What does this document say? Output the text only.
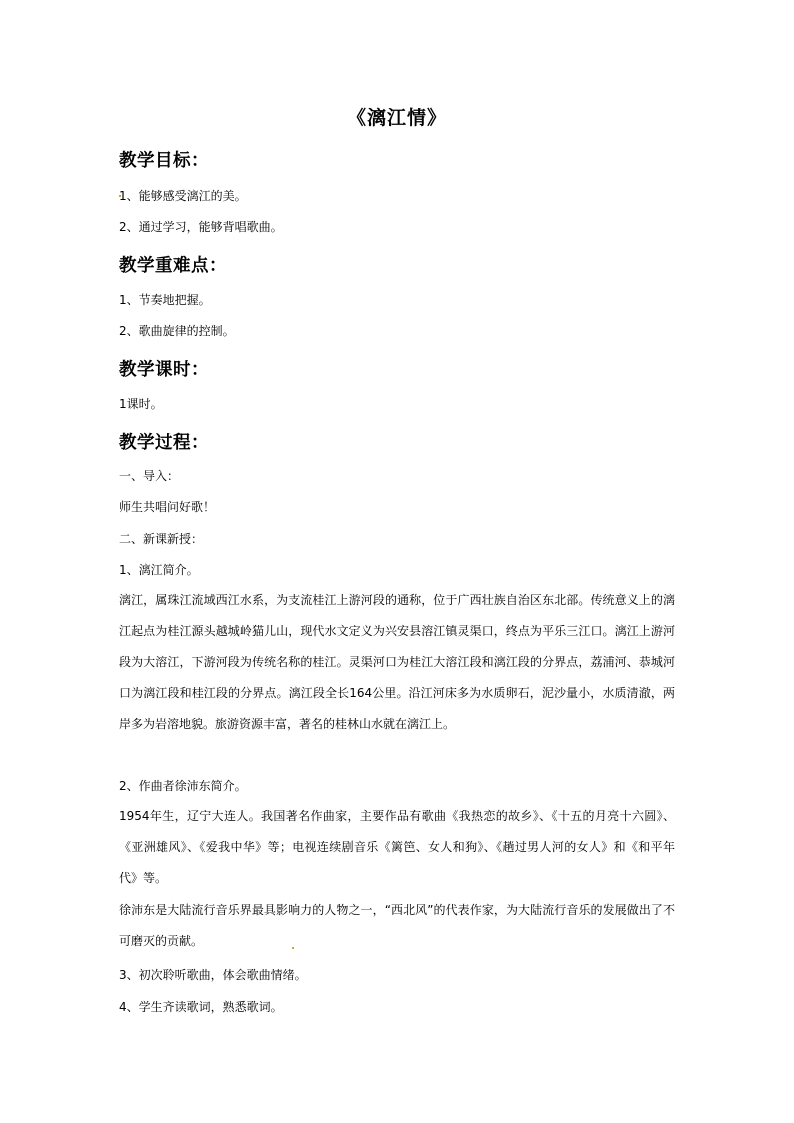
《漓江情》
教学目标：
1、能够感受漓江的美。
2、通过学习，能够背唱歌曲。
教学重难点：
1、节奏地把握。
2、歌曲旋律的控制。
教学课时：
1课时。
教学过程：
一、导入：
师生共唱问好歌！
二、新课新授：
1、漓江简介。
漓江，属珠江流域西江水系，为支流桂江上游河段的通称，位于广西壮族自治区东北部。传统意义上的漓江起点为桂江源头越城岭猫儿山，现代水文定义为兴安县溶江镇灵渠口，终点为平乐三江口。漓江上游河段为大溶江，下游河段为传统名称的桂江。灵渠河口为桂江大溶江段和漓江段的分界点，荔浦河、恭城河口为漓江段和桂江段的分界点。漓江段全长164公里。沿江河床多为水质卵石，泥沙量小，水质清澈，两岸多为岩溶地貌。旅游资源丰富，著名的桂林山水就在漓江上。
2、作曲者徐沛东简介。
1954年生，辽宁大连人。我国著名作曲家，主要作品有歌曲《我热恋的故乡》、《十五的月亮十六圆》、《亚洲雄风》、《爱我中华》等；电视连续剧音乐《篱笆、女人和狗》、《趟过男人河的女人》和《和平年代》等。
徐沛东是大陆流行音乐界最具影响力的人物之一，“西北风”的代表作家，为大陆流行音乐的发展做出了不可磨灭的贡献。
3、初次聆听歌曲，体会歌曲情绪。
4、学生齐读歌词，熟悉歌词。
